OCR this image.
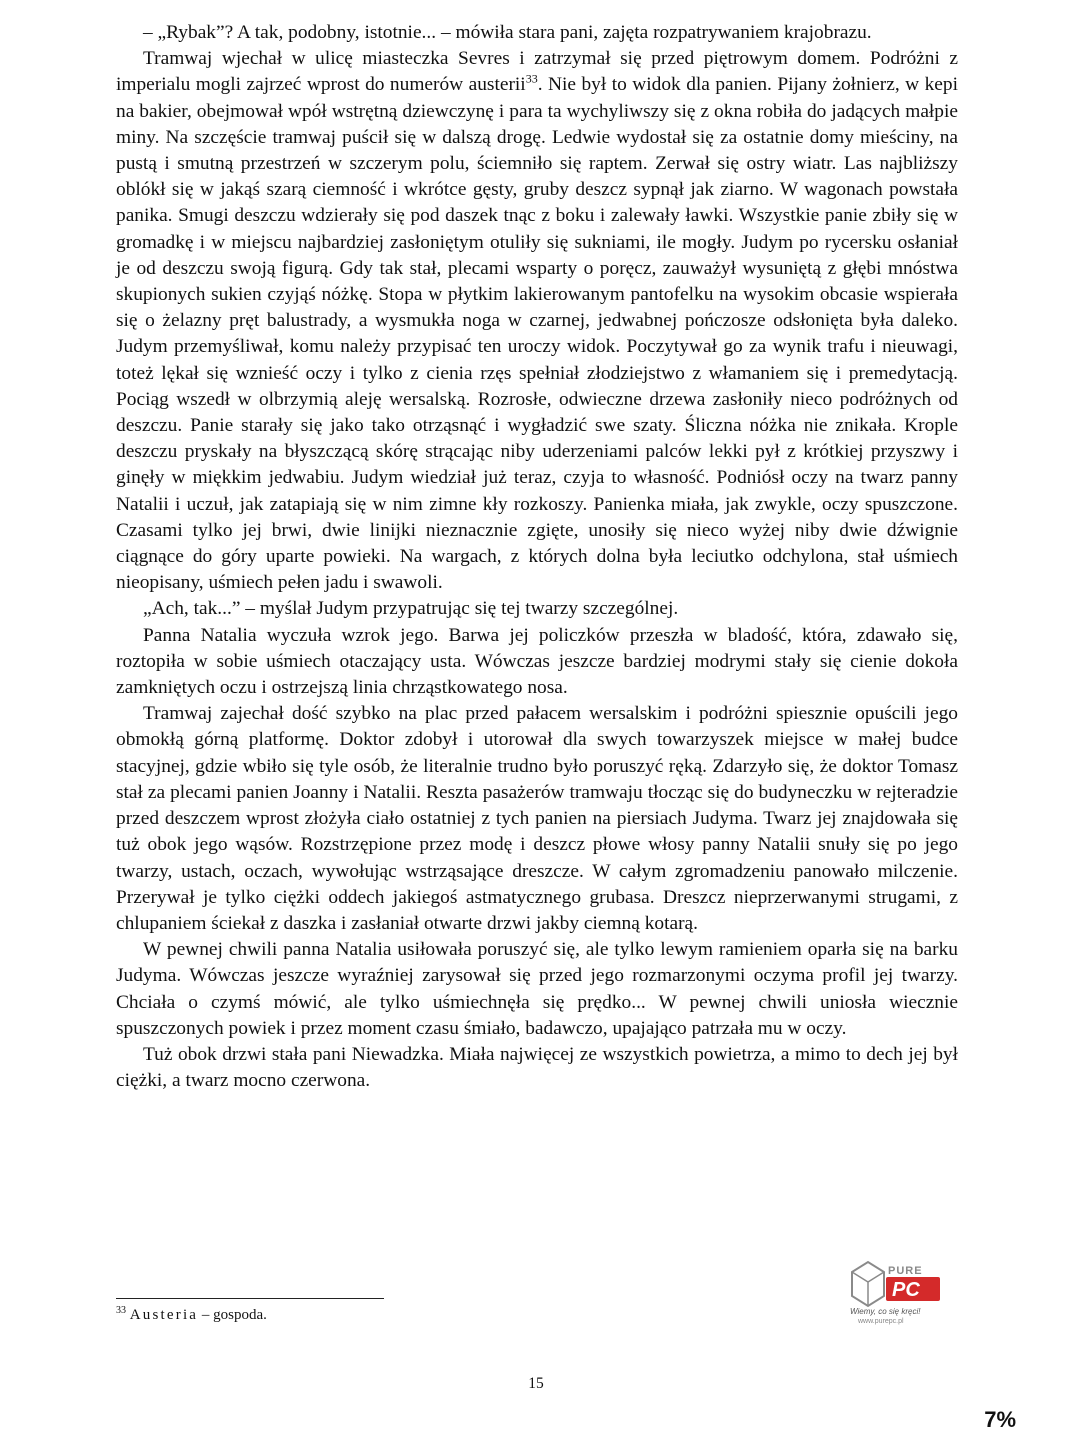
– „Rybak”? A tak, podobny, istotnie... – mówiła stara pani, zajęta rozpatrywaniem krajobrazu.

Tramwaj wjechał w ulicę miasteczka Sevres i zatrzymał się przed piętrowym domem. Podróżni z imperialu mogli zajrzeć wprost do numerów austerii$^{33}$. Nie był to widok dla panien. Pijany żołnierz, w kepi na bakier, obejmował wpół wstrętną dziewczynę i para ta wychyliwszy się z okna robiła do jadących małpie miny. Na szczęście tramwaj puścił się w dalszą drogę. Ledwie wydostał się za ostatnie domy mieściny, na pustą i smutną przestrzeń w szczerym polu, ściemniło się raptem. Zerwał się ostry wiatr. Las najbliższy oblókł się w jakąś szarą ciemność i wkrótce gęsty, gruby deszcz sypnął jak ziarno. W wagonach powstała panika. Smugi deszczu wdzierały się pod daszek tnąc z boku i zalewały ławki. Wszystkie panie zbiły się w gromadkę i w miejscu najbardziej zasłoniętym otuliły się sukniami, ile mogły. Judym po rycersku osłaniał je od deszczu swoją figurą. Gdy tak stał, plecami wsparty o poręcz, zauważył wysuniętą z głębi mnóstwa skupionych sukien czyjąś nóżkę. Stopa w płytkim lakierowanym pantofelku na wysokim obcasie wspierała się o żelazny pręt balustrady, a wysmukła noga w czarnej, jedwabnej pończosze odsłonięta była daleko. Judym przemyśliwał, komu należy przypisać ten uroczy widok. Poczytywał go za wynik trafu i nieuwagi, toteż lękał się wznieść oczy i tylko z cienia rzęs spełniał złodziejstwo z włamaniem się i premedytacją. Pociąg wszedł w olbrzymią aleję wersalską. Rozrosłe, odwieczne drzewa zasłoniły nieco podróżnych od deszczu. Panie starały się jako tako otrząsnąć i wygładzić swe szaty. Śliczna nóżka nie znikała. Krople deszczu pryskały na błyszczącą skórę strącając niby uderzeniami palców lekki pył z krótkiej przyszwy i ginęły w miękkim jedwabiu. Judym wiedział już teraz, czyja to własność. Podniósł oczy na twarz panny Natalii i uczuł, jak zatapiają się w nim zimne kły rozkoszy. Panienka miała, jak zwykle, oczy spuszczone. Czasami tylko jej brwi, dwie linijki nieznacznie zgięte, unosiły się nieco wyżej niby dwie dźwignie ciągnące do góry uparte powieki. Na wargach, z których dolna była leciutko odchylona, stał uśmiech nieopisany, uśmiech pełen jadu i swawoli.

„Ach, tak...” – myślał Judym przypatrując się tej twarzy szczególnej.

Panna Natalia wyczuła wzrok jego. Barwa jej policzków przeszła w bladość, która, zdawało się, roztopiła w sobie uśmiech otaczający usta. Wówczas jeszcze bardziej modrymi stały się cienie dokoła zamkniętych oczu i ostrzejszą linia chrząstkowatego nosa.

Tramwaj zajechał dość szybko na plac przed pałacem wersalskim i podróżni spiesznie opuścili jego obmokłą górną platformę. Doktor zdobył i utorował dla swych towarzyszek miejsce w małej budce stacyjnej, gdzie wbiło się tyle osób, że literalnie trudno było poruszyć ręką. Zdarzyło się, że doktor Tomasz stał za plecami panien Joanny i Natalii. Reszta pasażerów tramwaju tłocząc się do budyneczku w rejteradzie przed deszczem wprost złożyła ciało ostatniej z tych panien na piersiach Judyma. Twarz jej znajdowała się tuż obok jego wąsów. Rozstrzępione przez modę i deszcz płowe włosy panny Natalii snuły się po jego twarzy, ustach, oczach, wywołując wstrząsające dreszcze. W całym zgromadzeniu panowało milczenie. Przerywał je tylko ciężki oddech jakiegoś astmatycznego grubasa. Dreszcz nieprzerwanymi strugami, z chlupaniem ściekał z daszka i zasłaniał otwarte drzwi jakby ciemną kotarą.

W pewnej chwili panna Natalia usiłowała poruszyć się, ale tylko lewym ramieniem oparła się na barku Judyma. Wówczas jeszcze wyraźniej zarysował się przed jego rozmarzonymi oczyma profil jej twarzy. Chciała o czymś mówić, ale tylko uśmiechnęła się prędko... W pewnej chwili uniosła wiecznie spuszczonych powiek i przez moment czasu śmiało, badawczo, upajająco patrzała mu w oczy.

Tuż obok drzwi stała pani Niewadzka. Miała najwięcej ze wszystkich powietrza, a mimo to dech jej był ciężki, a twarz mocno czerwona.

PURE
PC
Wiemy, co się kręci!
www.purepc.pl
$^{33}$ Austeria – gospoda.
15
7%
